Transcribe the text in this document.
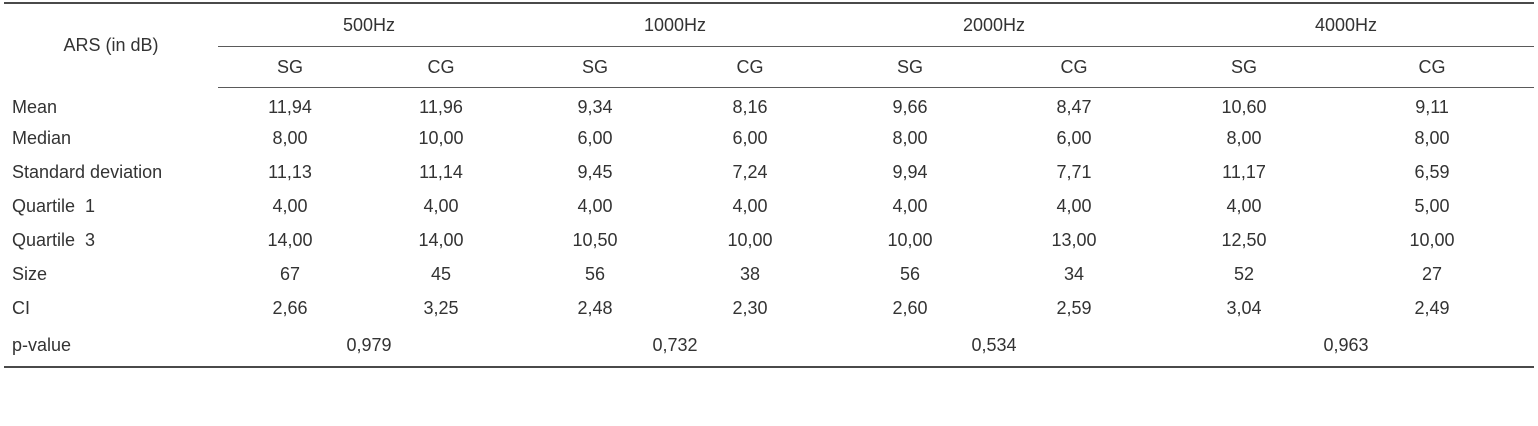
ARS (in dB)	500Hz		1000Hz		2000Hz		4000Hz	
	SG	CG	SG	CG	SG	CG	SG	CG
Mean	11,94	11,96	9,34	8,16	9,66	8,47	10,60	9,11
Median	8,00	10,00	6,00	6,00	8,00	6,00	8,00	8,00
Standard deviation	11,13	11,14	9,45	7,24	9,94	7,71	11,17	6,59
Quartile  1	4,00	4,00	4,00	4,00	4,00	4,00	4,00	5,00
Quartile  3	14,00	14,00	10,50	10,00	10,00	13,00	12,50	10,00
Size	67	45	56	38	56	34	52	27
CI	2,66	3,25	2,48	2,30	2,60	2,59	3,04	2,49
p-value	0,979		0,732		0,534		0,963	
